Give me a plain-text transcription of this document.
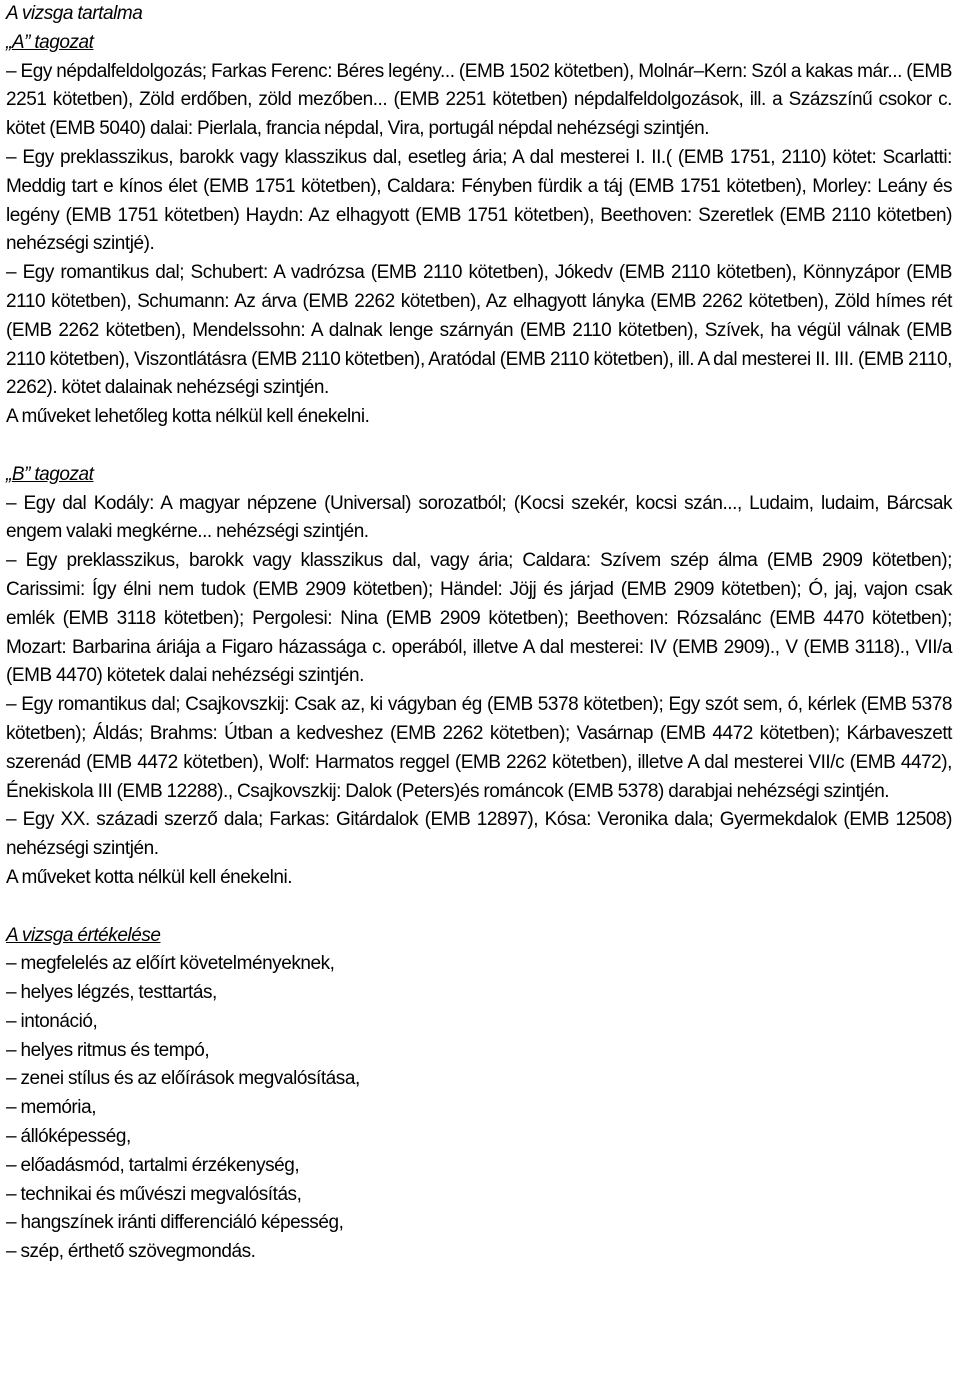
A vizsga tartalma

„A” tagozat

– Egy népdalfeldolgozás; Farkas Ferenc: Béres legény... (EMB 1502 kötetben), Molnár–Kern: Szól a kakas már... (EMB 2251 kötetben), Zöld erdőben, zöld mezőben... (EMB 2251 kötetben) népdalfeldolgozások, ill. a Százszínű csokor c. kötet (EMB 5040) dalai: Pierlala, francia népdal, Vira, portugál népdal nehézségi szintjén.

– Egy preklasszikus, barokk vagy klasszikus dal, esetleg ária; A dal mesterei I. II.( (EMB 1751, 2110) kötet: Scarlatti: Meddig tart e kínos élet (EMB 1751 kötetben), Caldara: Fényben fürdik a táj (EMB 1751 kötetben), Morley: Leány és legény (EMB 1751 kötetben) Haydn: Az elhagyott (EMB 1751 kötetben), Beethoven: Szeretlek (EMB 2110 kötetben) nehézségi szintjé).

– Egy romantikus dal; Schubert: A vadrózsa (EMB 2110 kötetben), Jókedv (EMB 2110 kötetben), Könnyzápor (EMB 2110 kötetben), Schumann: Az árva (EMB 2262 kötetben), Az elhagyott lányka (EMB 2262 kötetben), Zöld hímes rét (EMB 2262 kötetben), Mendelssohn: A dalnak lenge szárnyán (EMB 2110 kötetben), Szívek, ha végül válnak (EMB 2110 kötetben), Viszontlátásra (EMB 2110 kötetben), Aratódal (EMB 2110 kötetben), ill. A dal mesterei II. III. (EMB 2110, 2262). kötet dalainak nehézségi szintjén.

A műveket lehetőleg kotta nélkül kell énekelni.

„B” tagozat

– Egy dal Kodály: A magyar népzene (Universal) sorozatból; (Kocsi szekér, kocsi szán..., Ludaim, ludaim, Bárcsak engem valaki megkérne... nehézségi szintjén.

– Egy preklasszikus, barokk vagy klasszikus dal, vagy ária; Caldara: Szívem szép álma (EMB 2909 kötetben); Carissimi: Így élni nem tudok (EMB 2909 kötetben); Händel: Jöjj és járjad (EMB 2909 kötetben); Ó, jaj, vajon csak emlék (EMB 3118 kötetben); Pergolesi: Nina (EMB 2909 kötetben); Beethoven: Rózsalánc (EMB 4470 kötetben); Mozart: Barbarina áriája a Figaro házassága c. operából, illetve A dal mesterei: IV (EMB 2909)., V (EMB 3118)., VII/a (EMB 4470) kötetek dalai nehézségi szintjén.

– Egy romantikus dal; Csajkovszkij: Csak az, ki vágyban ég (EMB 5378 kötetben); Egy szót sem, ó, kérlek (EMB 5378 kötetben); Áldás; Brahms: Útban a kedveshez (EMB 2262 kötetben); Vasárnap (EMB 4472 kötetben); Kárbaveszett szerenád (EMB 4472 kötetben), Wolf: Harmatos reggel (EMB 2262 kötetben), illetve A dal mesterei VII/c (EMB 4472), Énekiskola III (EMB 12288)., Csajkovszkij: Dalok (Peters)és románcok (EMB 5378) darabjai nehézségi szintjén.

– Egy XX. századi szerző dala; Farkas: Gitárdalok (EMB 12897), Kósa: Veronika dala; Gyermekdalok (EMB 12508) nehézségi szintjén.

A műveket kotta nélkül kell énekelni.

A vizsga értékelése

– megfelelés az előírt követelményeknek,
– helyes légzés, testtartás,
– intonáció,
– helyes ritmus és tempó,
– zenei stílus és az előírások megvalósítása,
– memória,
– állóképesség,
– előadásmód, tartalmi érzékenység,
– technikai és művészi megvalósítás,
– hangszínek iránti differenciáló képesség,
– szép, érthető szövegmondás.
